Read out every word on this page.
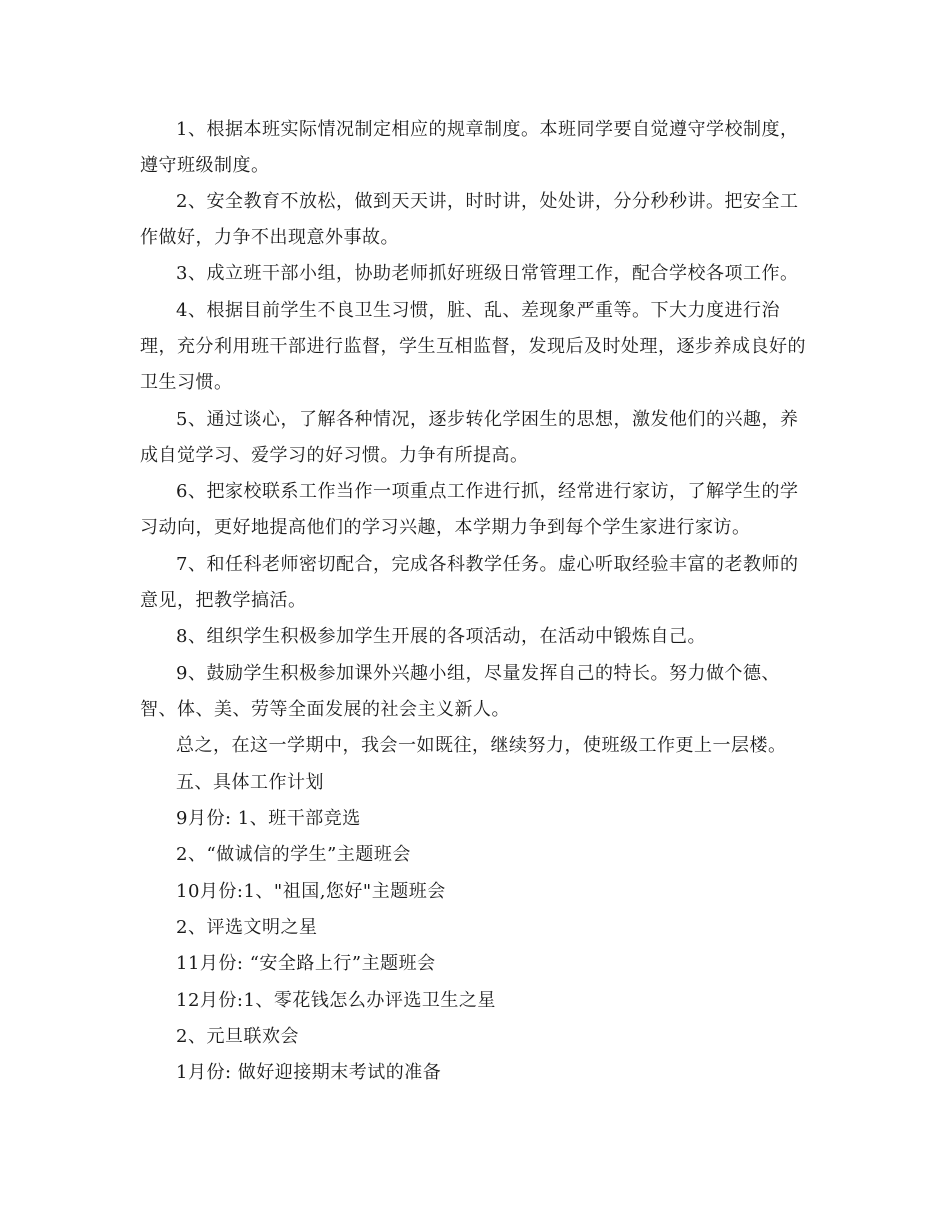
1、根据本班实际情况制定相应的规章制度。本班同学要自觉遵守学校制度，
遵守班级制度。
2、安全教育不放松，做到天天讲，时时讲，处处讲，分分秒秒讲。把安全工
作做好，力争不出现意外事故。
3、成立班干部小组，协助老师抓好班级日常管理工作，配合学校各项工作。
4、根据目前学生不良卫生习惯，脏、乱、差现象严重等。下大力度进行治
理，充分利用班干部进行监督，学生互相监督，发现后及时处理，逐步养成良好的
卫生习惯。
5、通过谈心，了解各种情况，逐步转化学困生的思想，激发他们的兴趣，养
成自觉学习、爱学习的好习惯。力争有所提高。
6、把家校联系工作当作一项重点工作进行抓，经常进行家访，了解学生的学
习动向，更好地提高他们的学习兴趣，本学期力争到每个学生家进行家访。
7、和任科老师密切配合，完成各科教学任务。虚心听取经验丰富的老教师的
意见，把教学搞活。
8、组织学生积极参加学生开展的各项活动，在活动中锻炼自己。
9、鼓励学生积极参加课外兴趣小组，尽量发挥自己的特长。努力做个德、
智、体、美、劳等全面发展的社会主义新人。
总之，在这一学期中，我会一如既往，继续努力，使班级工作更上一层楼。
五、具体工作计划
9月份: 1、班干部竞选
2、“做诚信的学生”主题班会
10月份:1、"祖国,您好"主题班会
2、评选文明之星
11月份: “安全路上行”主题班会
12月份:1、零花钱怎么办评选卫生之星
2、元旦联欢会
1月份: 做好迎接期末考试的准备
